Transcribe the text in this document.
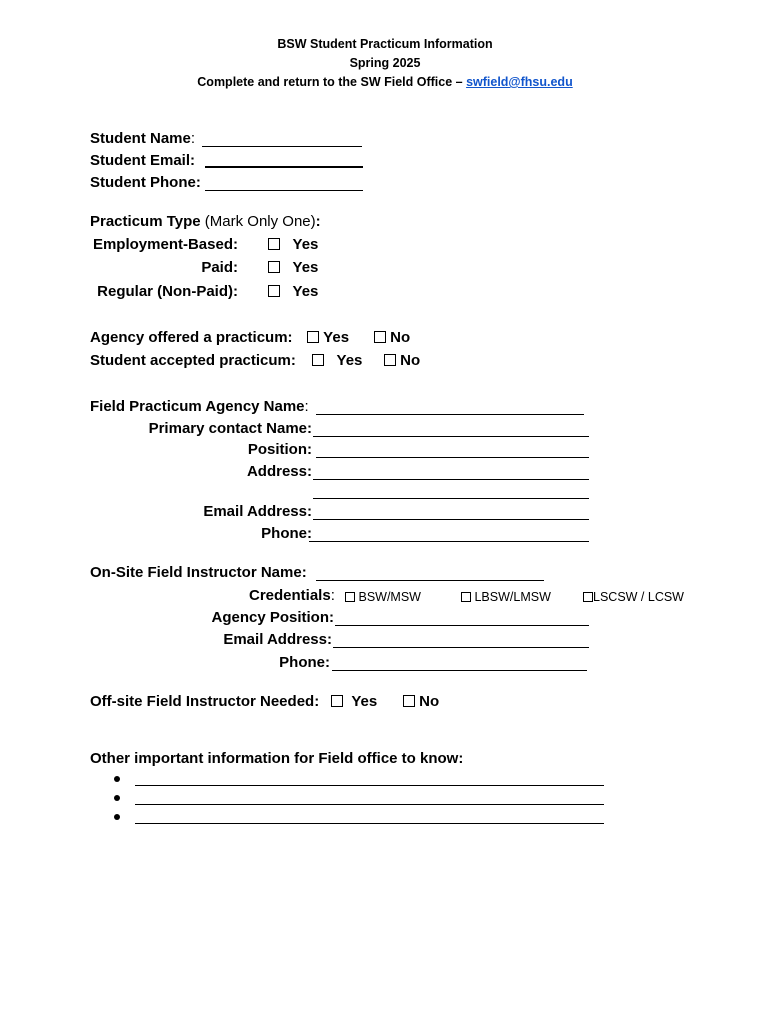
BSW Student Practicum Information
Spring 2025
Complete and return to the SW Field Office – swfield@fhsu.edu
Student Name:
Student Email:
Student Phone:
Practicum Type (Mark Only One):
Employment-Based:	Yes
Paid:	Yes
Regular (Non-Paid):	Yes
Agency offered a practicum:	Yes	No
Student accepted practicum:	Yes	No
Field Practicum Agency Name:
Primary contact Name:
Position:
Address:
Email Address:
Phone:
On-Site Field Instructor Name:
Credentials:	BSW/MSW	LBSW/LMSW	LSCSW / LCSW
Agency Position:
Email Address:
Phone:
Off-site Field Instructor Needed:	Yes	No
Other important information for Field office to know:
